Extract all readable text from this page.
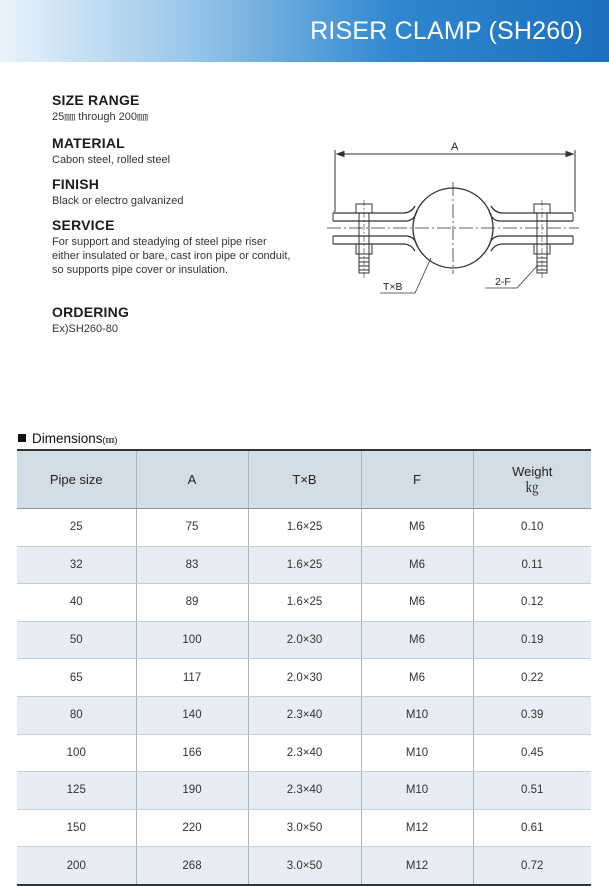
RISER CLAMP (SH260)
SIZE RANGE

25㎜ through 200㎜

MATERIAL

Cabon steel, rolled steel

FINISH

Black or electro galvanized

SERVICE

For support and steadying of steel pipe riser either insulated or bare, cast iron pipe or conduit, so supports pipe cover or insulation.

ORDERING

Ex)SH260-80

A
T×B	2-F
Dimensions(㎜)
Pipe size	A	T×B	F	Weight
㎏

25	75	1.6×25	M6	0.10
32	83	1.6×25	M6	0.11
40	89	1.6×25	M6	0.12
50	100	2.0×30	M6	0.19
65	117	2.0×30	M6	0.22
80	140	2.3×40	M10	0.39
100	166	2.3×40	M10	0.45
125	190	2.3×40	M10	0.51
150	220	3.0×50	M12	0.61
200	268	3.0×50	M12	0.72
